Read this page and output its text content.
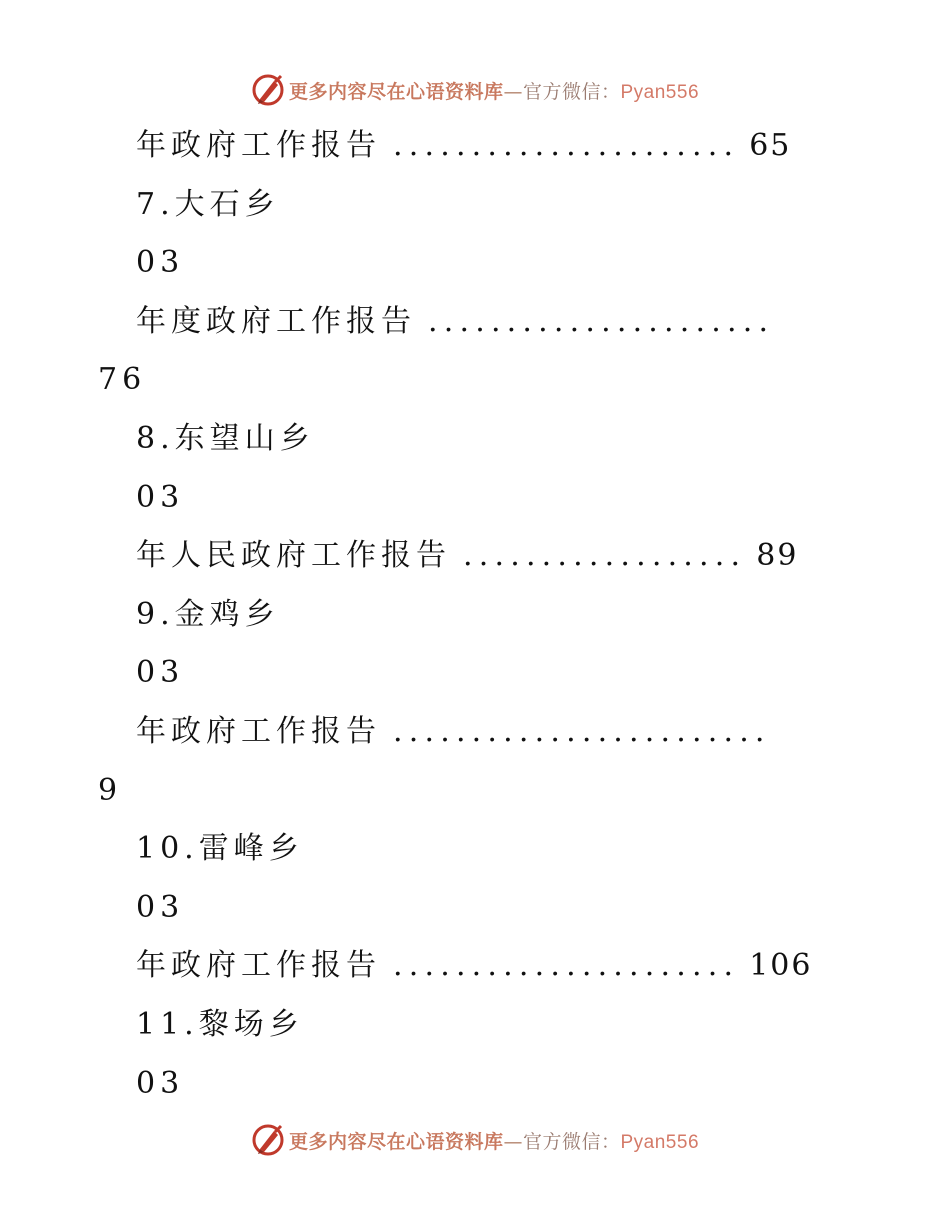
更多内容尽在心语资料库—官方微信：Pyan556
年政府工作报告 ...................... 65
7.大石乡
03
年度政府工作报告 ......................
76
8.东望山乡
03
年人民政府工作报告 .................. 89
9.金鸡乡
03
年政府工作报告 ........................
9
10.雷峰乡
03
年政府工作报告 ...................... 106
11.黎场乡
03
更多内容尽在心语资料库—官方微信：Pyan556
